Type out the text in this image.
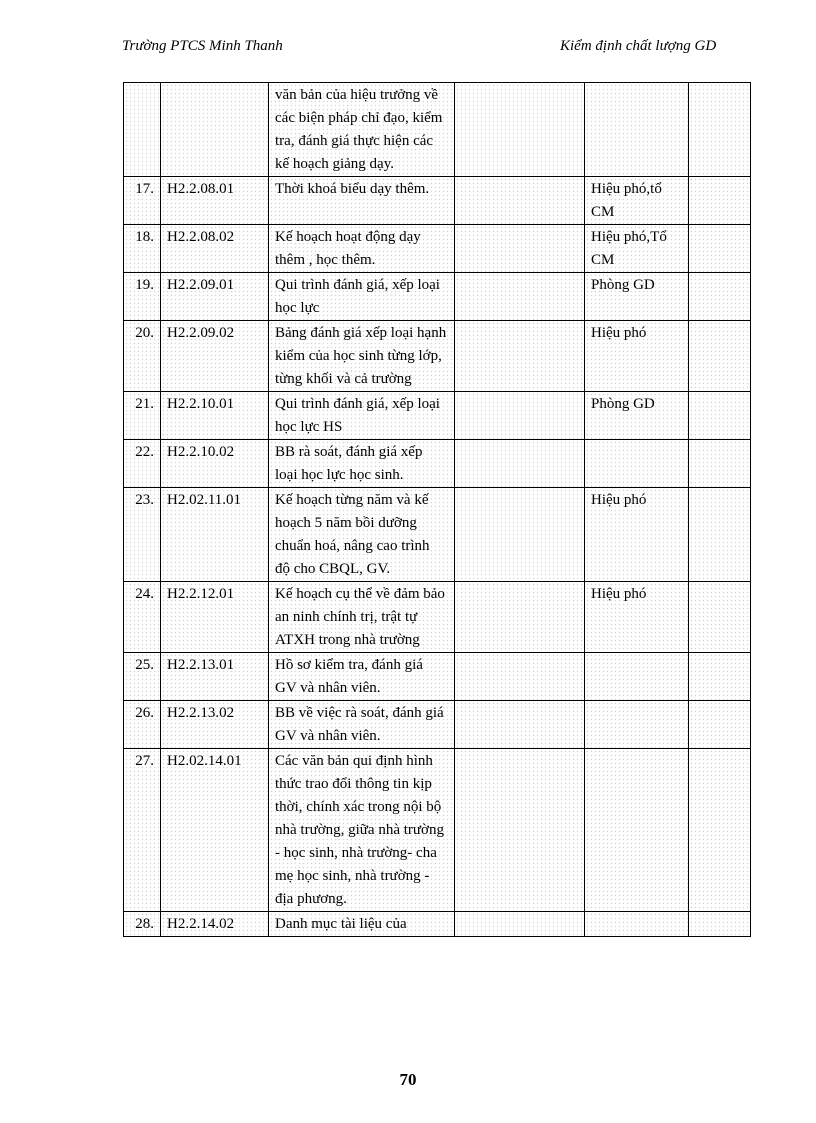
Trường PTCS Minh Thanh	Kiểm định chất lượng GD
		văn bản của hiệu trưởng về các biện pháp chỉ đạo, kiểm tra, đánh giá thực hiện các kế hoạch giảng dạy.			
17.	H2.2.08.01	Thời khoá biểu dạy thêm.		Hiệu phó,tổ CM	
18.	H2.2.08.02	Kế hoạch hoạt động dạy thêm , học thêm.		Hiệu phó,Tổ CM	
19.	H2.2.09.01	Qui trình đánh giá, xếp loại học lực		Phòng GD	
20.	H2.2.09.02	Bảng đánh giá xếp loại hạnh kiểm của học sinh từng lớp, từng khối và cả trường		Hiệu phó	
21.	H2.2.10.01	Qui trình đánh giá, xếp loại học lực HS		Phòng GD	
22.	H2.2.10.02	BB rà soát, đánh giá xếp loại học lực học sinh.			
23.	H2.02.11.01	Kế hoạch từng năm và kế hoạch 5 năm bồi dưỡng chuẩn hoá, nâng cao trình độ cho CBQL, GV.		Hiệu phó	
24.	H2.2.12.01	Kế hoạch cụ thể về đảm bảo an ninh chính trị, trật tự ATXH trong nhà trường		Hiệu phó	
25.	H2.2.13.01	Hồ sơ kiểm tra, đánh giá GV và nhân viên.			
26.	H2.2.13.02	BB về việc rà soát, đánh giá GV và nhân viên.			
27.	H2.02.14.01	Các văn bản qui định hình thức trao đổi thông tin kịp thời, chính xác trong nội bộ nhà trường, giữa nhà trường - học sinh, nhà trường- cha mẹ học sinh, nhà trường - địa phương.			
28.	H2.2.14.02	Danh mục tài liệu của			
70
